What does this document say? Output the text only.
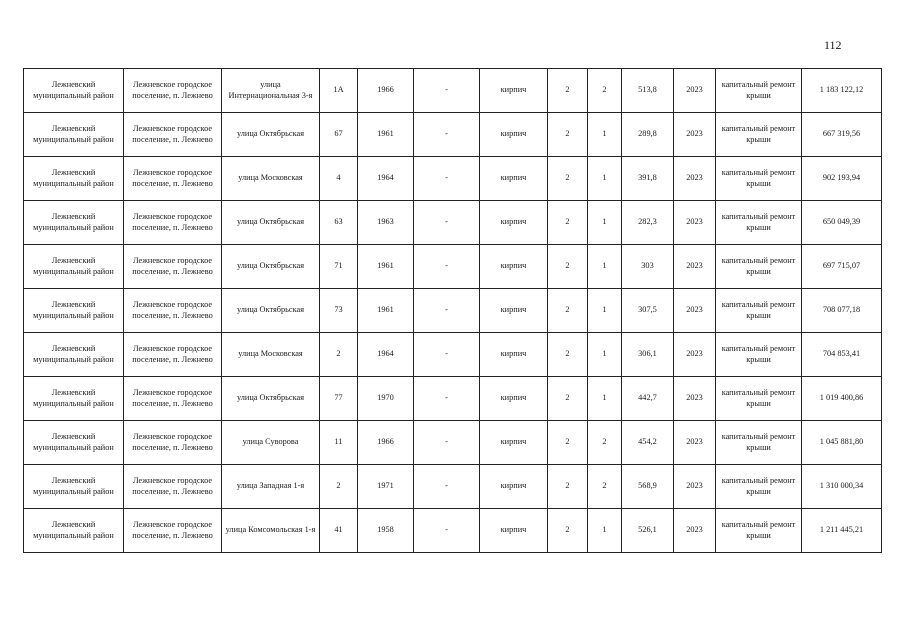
112
Лежневский муниципальный район	Лежневское городское поселение, п. Лежнево	улица Интернациональная 3-я	1А	1966	-	кирпич	2	2	513,8	2023	капитальный ремонт крыши	1 183 122,12
Лежневский муниципальный район	Лежневское городское поселение, п. Лежнево	улица Октябрьская	67	1961	-	кирпич	2	1	289,8	2023	капитальный ремонт крыши	667 319,56
Лежневский муниципальный район	Лежневское городское поселение, п. Лежнево	улица Московская	4	1964	-	кирпич	2	1	391,8	2023	капитальный ремонт крыши	902 193,94
Лежневский муниципальный район	Лежневское городское поселение, п. Лежнево	улица Октябрьская	63	1963	-	кирпич	2	1	282,3	2023	капитальный ремонт крыши	650 049,39
Лежневский муниципальный район	Лежневское городское поселение, п. Лежнево	улица Октябрьская	71	1961	-	кирпич	2	1	303	2023	капитальный ремонт крыши	697 715,07
Лежневский муниципальный район	Лежневское городское поселение, п. Лежнево	улица Октябрьская	73	1961	-	кирпич	2	1	307,5	2023	капитальный ремонт крыши	708 077,18
Лежневский муниципальный район	Лежневское городское поселение, п. Лежнево	улица Московская	2	1964	-	кирпич	2	1	306,1	2023	капитальный ремонт крыши	704 853,41
Лежневский муниципальный район	Лежневское городское поселение, п. Лежнево	улица Октябрьская	77	1970	-	кирпич	2	1	442,7	2023	капитальный ремонт крыши	1 019 400,86
Лежневский муниципальный район	Лежневское городское поселение, п. Лежнево	улица Суворова	11	1966	-	кирпич	2	2	454,2	2023	капитальный ремонт крыши	1 045 881,80
Лежневский муниципальный район	Лежневское городское поселение, п. Лежнево	улица Западная 1-я	2	1971	-	кирпич	2	2	568,9	2023	капитальный ремонт крыши	1 310 000,34
Лежневский муниципальный район	Лежневское городское поселение, п. Лежнево	улица Комсомольская 1-я	41	1958	-	кирпич	2	1	526,1	2023	капитальный ремонт крыши	1 211 445,21
